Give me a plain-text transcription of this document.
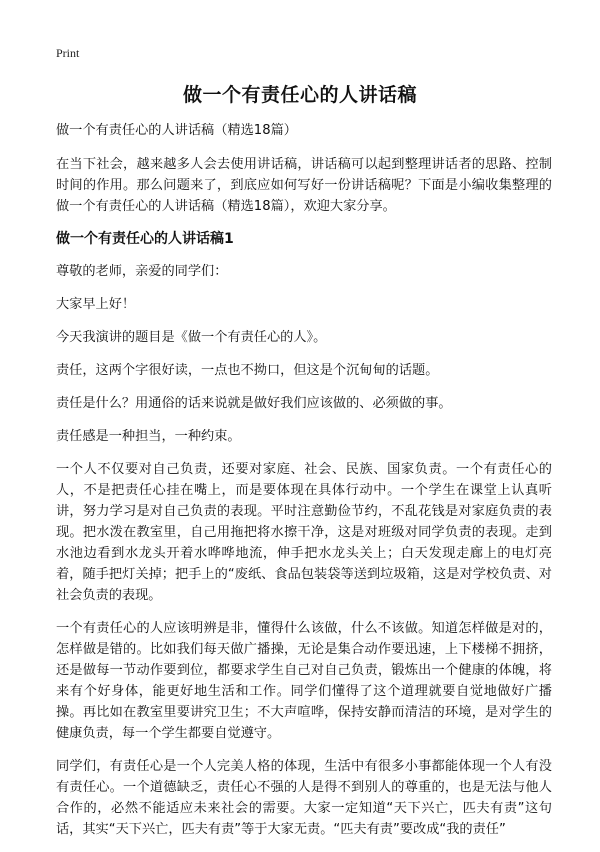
Print
做一个有责任心的人讲话稿

做一个有责任心的人讲话稿（精选18篇）

在当下社会，越来越多人会去使用讲话稿，讲话稿可以起到整理讲话者的思路、控制时间的作用。那么问题来了，到底应如何写好一份讲话稿呢？下面是小编收集整理的做一个有责任心的人讲话稿（精选18篇），欢迎大家分享。

做一个有责任心的人讲话稿1

尊敬的老师，亲爱的同学们：

大家早上好！

今天我演讲的题目是《做一个有责任心的人》。

责任，这两个字很好读，一点也不拗口，但这是个沉甸甸的话题。

责任是什么？用通俗的话来说就是做好我们应该做的、必须做的事。

责任感是一种担当，一种约束。

一个人不仅要对自己负责，还要对家庭、社会、民族、国家负责。一个有责任心的人，不是把责任心挂在嘴上，而是要体现在具体行动中。一个学生在课堂上认真听讲，努力学习是对自己负责的表现。平时注意勤俭节约，不乱花钱是对家庭负责的表现。把水泼在教室里，自己用拖把将水擦干净，这是对班级对同学负责的表现。走到水池边看到水龙头开着水哗哗地流，伸手把水龙头关上；白天发现走廊上的电灯亮着，随手把灯关掉；把手上的“废纸、食品包装袋等送到垃圾箱，这是对学校负责、对社会负责的表现。

一个有责任心的人应该明辨是非，懂得什么该做，什么不该做。知道怎样做是对的，怎样做是错的。比如我们每天做广播操，无论是集合动作要迅速，上下楼梯不拥挤，还是做每一节动作要到位，都要求学生自己对自己负责，锻炼出一个健康的体魄，将来有个好身体，能更好地生活和工作。同学们懂得了这个道理就要自觉地做好广播操。再比如在教室里要讲究卫生；不大声喧哗，保持安静而清洁的环境，是对学生的健康负责，每一个学生都要自觉遵守。

同学们，有责任心是一个人完美人格的体现，生活中有很多小事都能体现一个人有没有责任心。一个道德缺乏，责任心不强的人是得不到别人的尊重的，也是无法与他人合作的，必然不能适应未来社会的需要。大家一定知道“天下兴亡，匹夫有责”这句话，其实“天下兴亡，匹夫有责”等于大家无责。“匹夫有责”要改成“我的责任”
